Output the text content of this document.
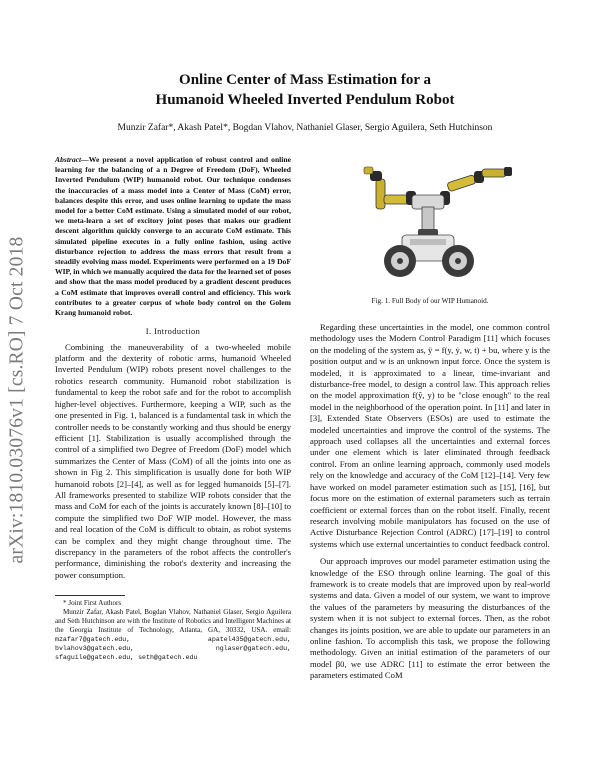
arXiv:1810.03076v1 [cs.RO] 7 Oct 2018
Online Center of Mass Estimation for a
Humanoid Wheeled Inverted Pendulum Robot
Munzir Zafar*, Akash Patel*, Bogdan Vlahov, Nathaniel Glaser, Sergio Aguilera, Seth Hutchinson

Abstract—We present a novel application of robust control and online learning for the balancing of a n Degree of Freedom (DoF), Wheeled Inverted Pendulum (WIP) humanoid robot. Our technique condenses the inaccuracies of a mass model into a Center of Mass (CoM) error, balances despite this error, and uses online learning to update the mass model for a better CoM estimate. Using a simulated model of our robot, we meta-learn a set of excitory joint poses that makes our gradient descent algorithm quickly converge to an accurate CoM estimate. This simulated pipeline executes in a fully online fashion, using active disturbance rejection to address the mass errors that result from a steadily evolving mass model. Experiments were performed on a 19 DoF WIP, in which we manually acquired the data for the learned set of poses and show that the mass model produced by a gradient descent produces a CoM estimate that improves overall control and efficiency. This work contributes to a greater corpus of whole body control on the Golem Krang humanoid robot.

I. Introduction

Combining the maneuverability of a two-wheeled mobile platform and the dexterity of robotic arms, humanoid Wheeled Inverted Pendulum (WIP) robots present novel challenges to the robotics research community. Humanoid robot stabilization is fundamental to keep the robot safe and for the robot to accomplish higher-level objectives. Furthermore, keeping a WIP, such as the one presented in Fig. 1, balanced is a fundamental task in which the controller needs to be constantly working and thus should be energy efficient [1]. Stabilization is usually accomplished through the control of a simplified two Degree of Freedom (DoF) model which summarizes the Center of Mass (CoM) of all the joints into one as shown in Fig 2. This simplification is usually done for both WIP humanoid robots [2]–[4], as well as for legged humanoids [5]–[7]. All frameworks presented to stabilize WIP robots consider that the mass and CoM for each of the joints is accurately known [8]–[10] to compute the simplified two DoF WIP model. However, the mass and real location of the CoM is difficult to obtain, as robot systems can be complex and they might change throughout time. The discrepancy in the parameters of the robot affects the controller's performance, diminishing the robot's dexterity and increasing the power consumption.

* Joint First Authors

Munzir Zafar, Akash Patel, Bogdan Vlahov, Nathaniel Glaser, Sergio Aguilera and Seth Hutchinson are with the Institute of Robotics and Intelligent Machines at the Georgia Institute of Technology, Atlanta, GA, 30332, USA. email: mzafar7@gatech.edu, apatel435@gatech.edu, bvlahov3@gatech.edu, nglaser@gatech.edu, sfaguile@gatech.edu, seth@gatech.edu

Fig. 1. Full Body of our WIP Humanoid.

Regarding these uncertainties in the model, one common control methodology uses the Modern Control Paradigm [11] which focuses on the modeling of the system as, ÿ = f(y, ẏ, w, t) + bu, where y is the position output and w is an unknown input force. Once the system is modeled, it is approximated to a linear, time-invariant and disturbance-free model, to design a control law. This approach relies on the model approximation f(ŷ, y) to be "close enough" to the real model in the neighborhood of the operation point. In [11] and later in [3], Extended State Observers (ESOs) are used to estimate the modeled uncertainties and improve the control of the systems. The approach used collapses all the uncertainties and external forces under one element which is later eliminated through feedback control. From an online learning approach, commonly used models rely on the knowledge and accuracy of the CoM [12]–[14]. Very few have worked on model parameter estimation such as [15], [16], but focus more on the estimation of external parameters such as terrain coefficient or external forces than on the robot itself. Finally, recent research involving mobile manipulators has focused on the use of Active Disturbance Rejection Control (ADRC) [17]–[19] to control systems which use external uncertainties to conduct feedback control.

Our approach improves our model parameter estimation using the knowledge of the ESO through online learning. The goal of this framework is to create models that are improved upon by real-world systems and data. Given a model of our system, we want to improve the values of the parameters by measuring the disturbances of the system when it is not subject to external forces. Then, as the robot changes its joints position, we are able to update our parameters in an online fashion. To accomplish this task, we propose the following methodology. Given an initial estimation of the parameters of our model β0, we use ADRC [11] to estimate the error between the parameters estimated CoM
